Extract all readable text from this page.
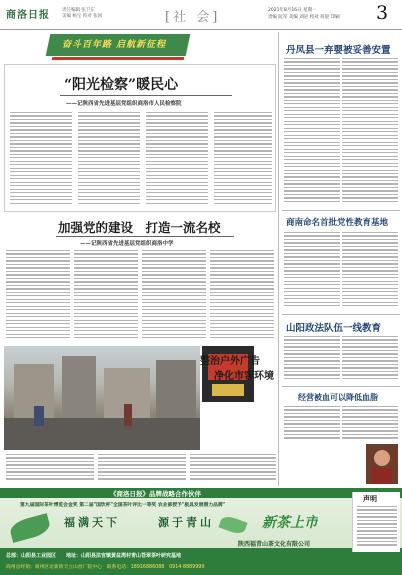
商洛日报	责任编辑 张卫东
美编 杨宝 校对 张国	[社 会]	2021年8月16日 星期一
责编 阮军 美编 刘岩 校对 蒋晨 印刷 3
奋斗百年路 启航新征程
“阳光检察”暖民心
——记陕西省先进基层党组织商洛市人民检察院
加强党的建设　打造一流名校
——记陕西省先进基层党组织商洛中学
整治户外广告
净化市容环境
丹凤县一弃婴被妥善安置
商南命名首批党性教育基地
山阳政法队伍一线教育
经营被血可以降低血脂
《商洛日报》品牌战略合作伙伴
第九届国际茶叶博览会金奖 第二届"国饮杯"全国茶叶评比一等奖 农业部授予"极具发展潜力品牌"
福满天下	源于青山	新茶上市
陕西福青山茶文化有限公司
总部：山阳县工业园区　　地址：山阳县法官镇黄盆湾村青山苍翠茶叶研究基地
商州总经销：商州区北新街天立山丝厂院中心　联系电话：18916886088　0914-8889999
声明
